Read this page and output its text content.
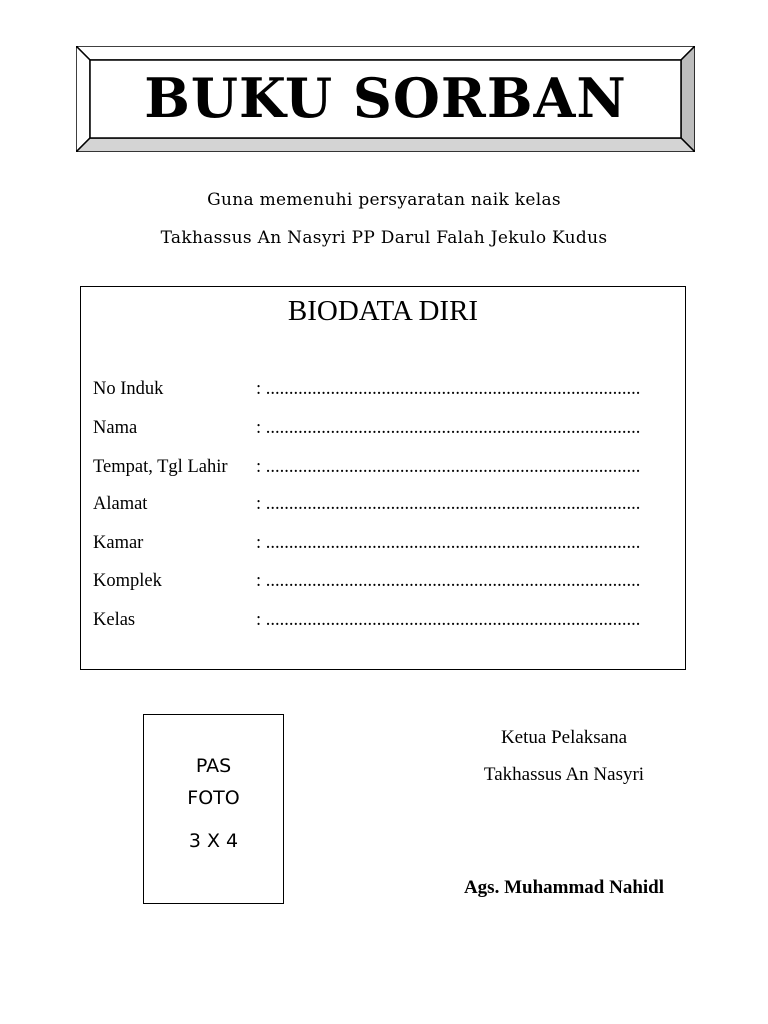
BUKU SORBAN
Guna memenuhi persyaratan naik kelas
Takhassus An Nasyri PP Darul Falah Jekulo Kudus
BIODATA DIRI
No Induk	: .................................................................................
Nama	: .................................................................................
Tempat, Tgl Lahir : .................................................................................
Alamat	: .................................................................................
Kamar	: .................................................................................
Komplek	: .................................................................................
Kelas	: .................................................................................
PAS
FOTO
3 X 4
Ketua Pelaksana
Takhassus An Nasyri
Ags. Muhammad Nahidl
